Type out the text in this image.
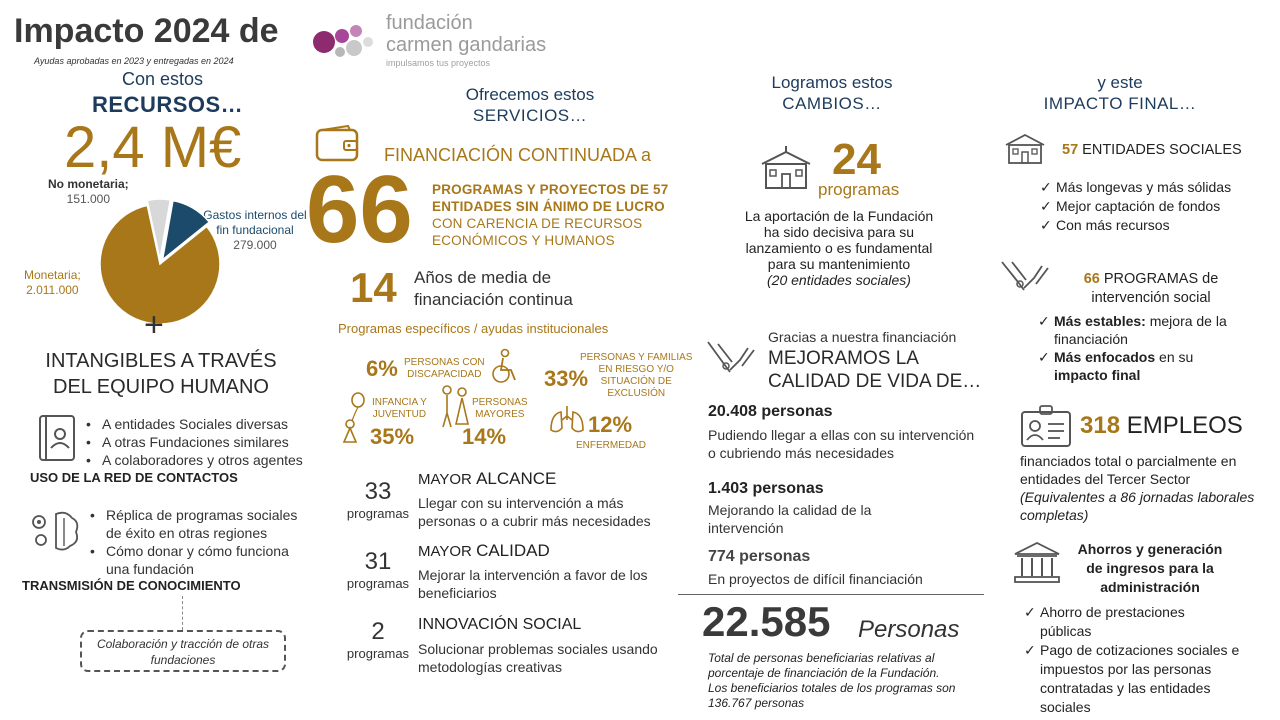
Impacto 2024 de
Ayudas aprobadas en 2023 y entregadas en 2024
fundación
carmen gandarias
impulsamos tus proyectos
Con estos
RECURSOS…
2,4 M€
No monetaria;
151.000
Gastos internos del fin fundacional
279.000
Monetaria;
2.011.000
+
INTANGIBLES A TRAVÉS
DEL EQUIPO HUMANO
• A entidades Sociales diversas
• A otras Fundaciones similares
• A colaboradores y otros agentes
USO DE LA RED DE CONTACTOS
• Réplica de programas sociales de éxito en otras regiones
• Cómo donar y cómo funciona una fundación
TRANSMISIÓN DE CONOCIMIENTO
Colaboración y tracción de otras fundaciones
Ofrecemos estos
SERVICIOS…
FINANCIACIÓN CONTINUADA a
66 PROGRAMAS Y PROYECTOS DE 57
ENTIDADES SIN ÁNIMO DE LUCRO
CON CARENCIA DE RECURSOS
ECONÓMICOS Y HUMANOS
14 Años de media de
financiación continua
Programas específicos / ayudas institucionales
6% PERSONAS CON
DISCAPACIDAD	33%
PERSONAS Y FAMILIAS
EN RIESGO Y/O
SITUACIÓN DE
EXCLUSIÓN
INFANCIA Y
JUVENTUD
35%
PERSONAS
MAYORES
14%	12%
ENFERMEDAD
33
programas
MAYOR ALCANCE
Llegar con su intervención a más
personas o a cubrir más necesidades
31
programas
MAYOR CALIDAD
Mejorar la intervención a favor de los
beneficiarios
2
programas
INNOVACIÓN SOCIAL
Solucionar problemas sociales usando
metodologías creativas
Logramos estos
CAMBIOS…
24
programas
La aportación de la Fundación
ha sido decisiva para su
lanzamiento o es fundamental
para su mantenimiento
(20 entidades sociales)
Gracias a nuestra financiación
MEJORAMOS LA
CALIDAD DE VIDA DE…
20.408 personas
Pudiendo llegar a ellas con su intervención
o cubriendo más necesidades
1.403 personas
Mejorando la calidad de la
intervención
774 personas
En proyectos de difícil financiación
22.585 Personas
Total de personas beneficiarias relativas al
porcentaje de financiación de la Fundación.
Los beneficiarios totales de los programas son
136.767 personas
y este
IMPACTO FINAL…
57 ENTIDADES SOCIALES
✓ Más longevas y más sólidas
✓ Mejor captación de fondos
✓ Con más recursos
66 PROGRAMAS de
intervención social
✓ Más estables: mejora de la
financiación
✓ Más enfocados en su
impacto final
318 EMPLEOS
financiados total o parcialmente en
entidades del Tercer Sector
(Equivalentes a 86 jornadas laborales
completas)
Ahorros y generación
de ingresos para la
administración
✓ Ahorro de prestaciones
públicas
✓ Pago de cotizaciones sociales e
impuestos por las personas
contratadas y las entidades
sociales
